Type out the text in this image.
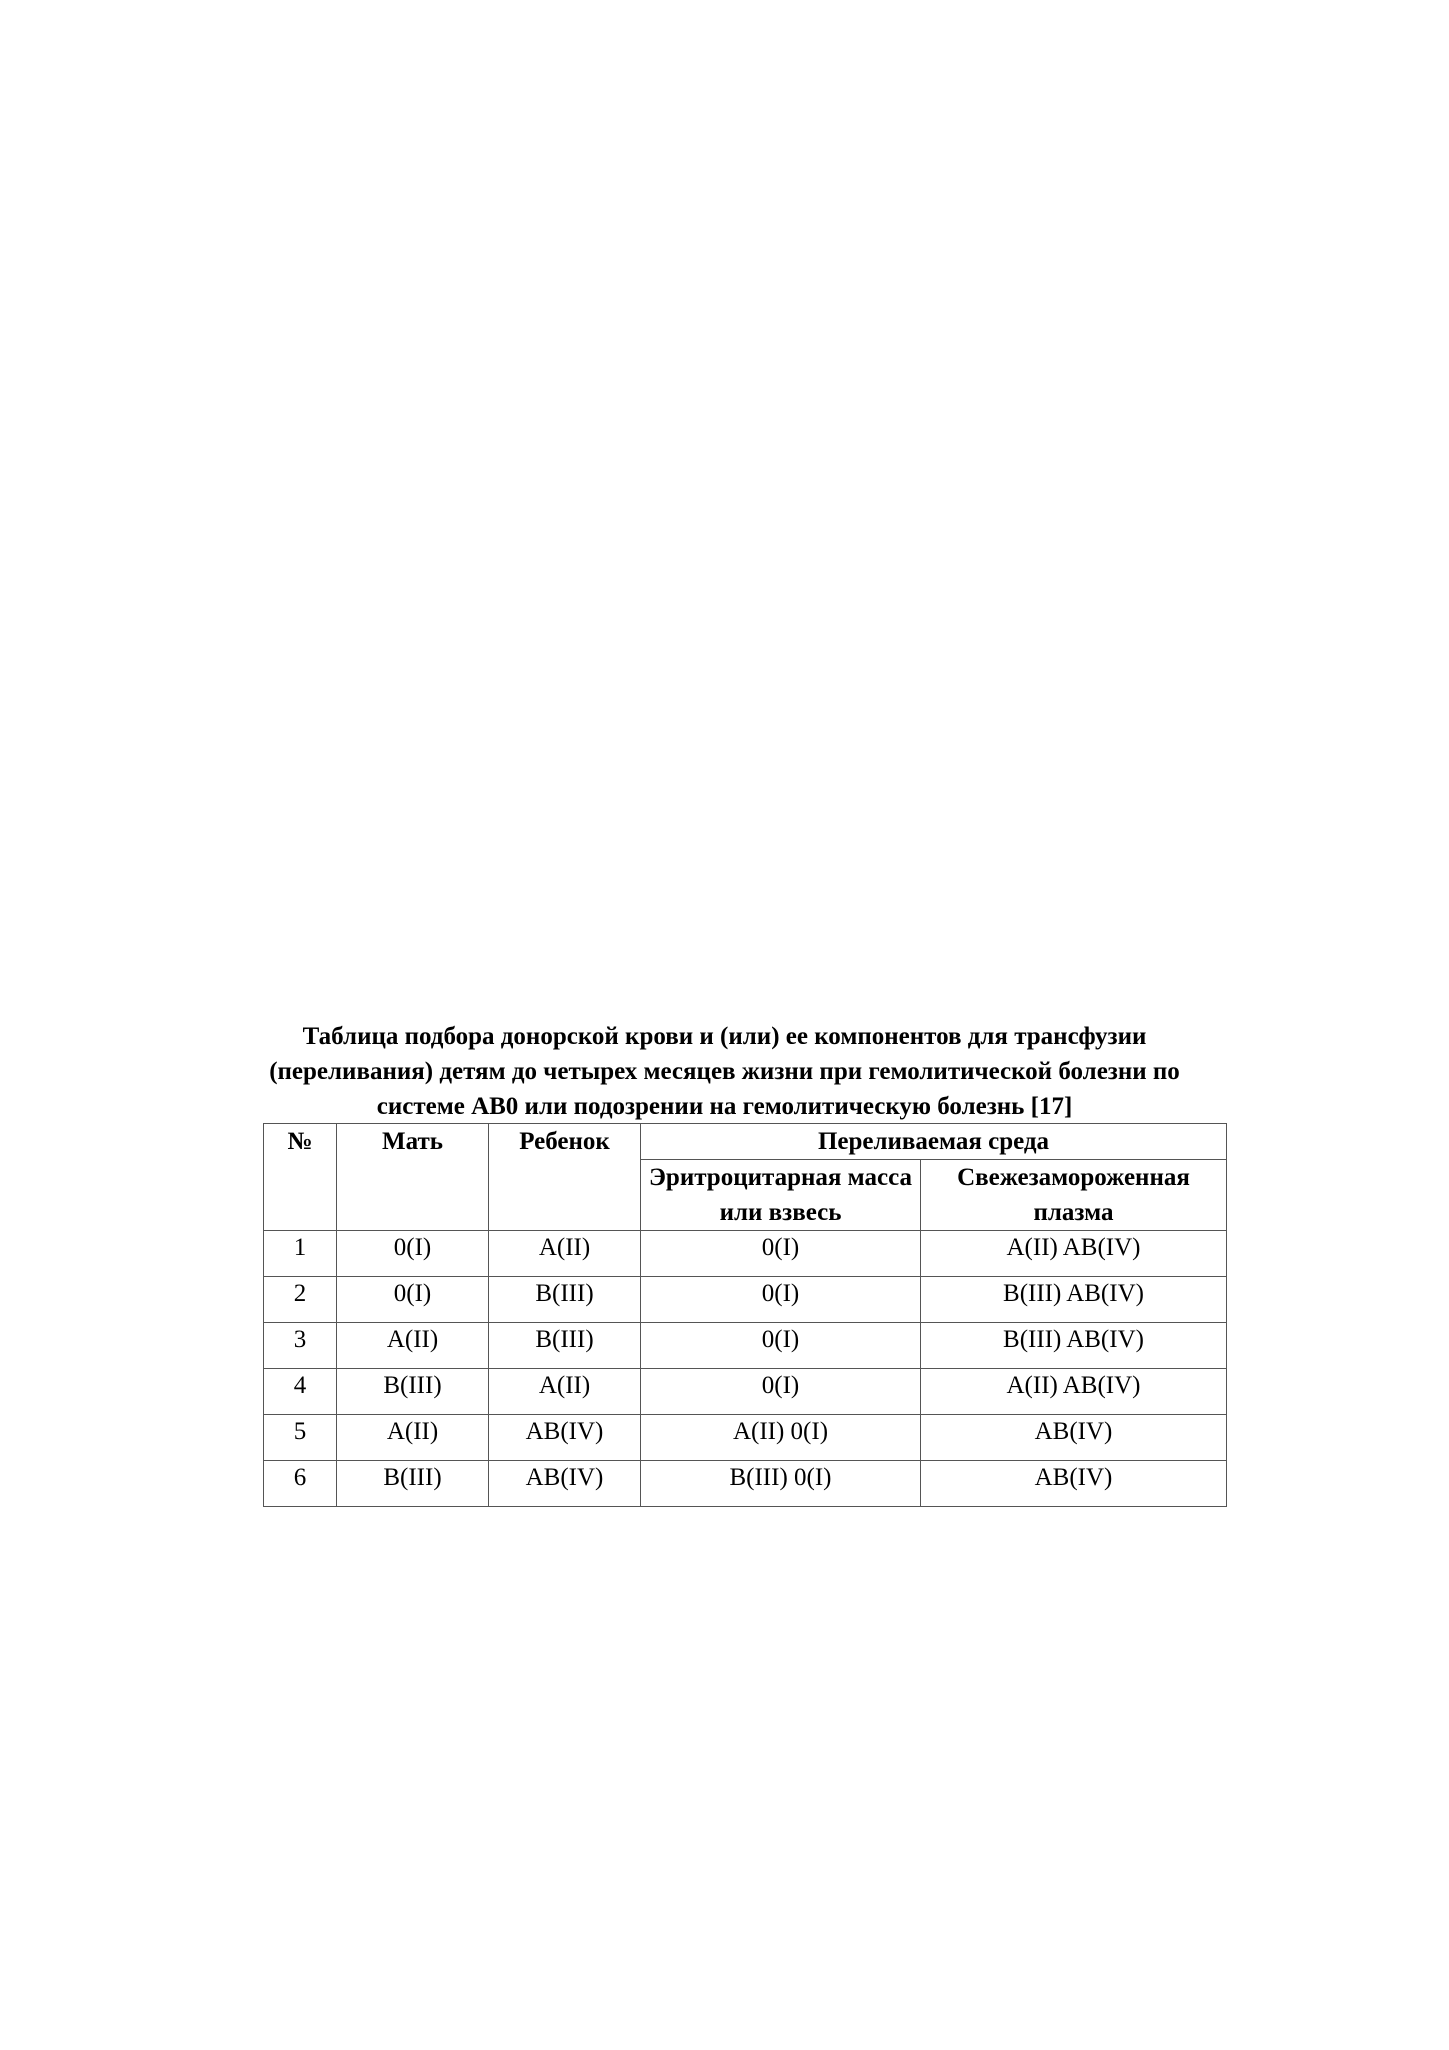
Таблица подбора донорской крови и (или) ее компонентов для трансфузии
(переливания) детям до четырех месяцев жизни при гемолитической болезни по
системе АВ0 или подозрении на гемолитическую болезнь [17]
№	Мать	Ребенок	Переливаемая среда	
			Эритроцитарная масса или взвесь	Свежезамороженная плазма
1	0(I)	A(II)	0(I)	A(II) AB(IV)
2	0(I)	B(III)	0(I)	B(III) AB(IV)
3	A(II)	B(III)	0(I)	B(III) AB(IV)
4	B(III)	A(II)	0(I)	A(II) AB(IV)
5	A(II)	AB(IV)	A(II) 0(I)	AB(IV)
6	B(III)	AB(IV)	B(III) 0(I)	AB(IV)
